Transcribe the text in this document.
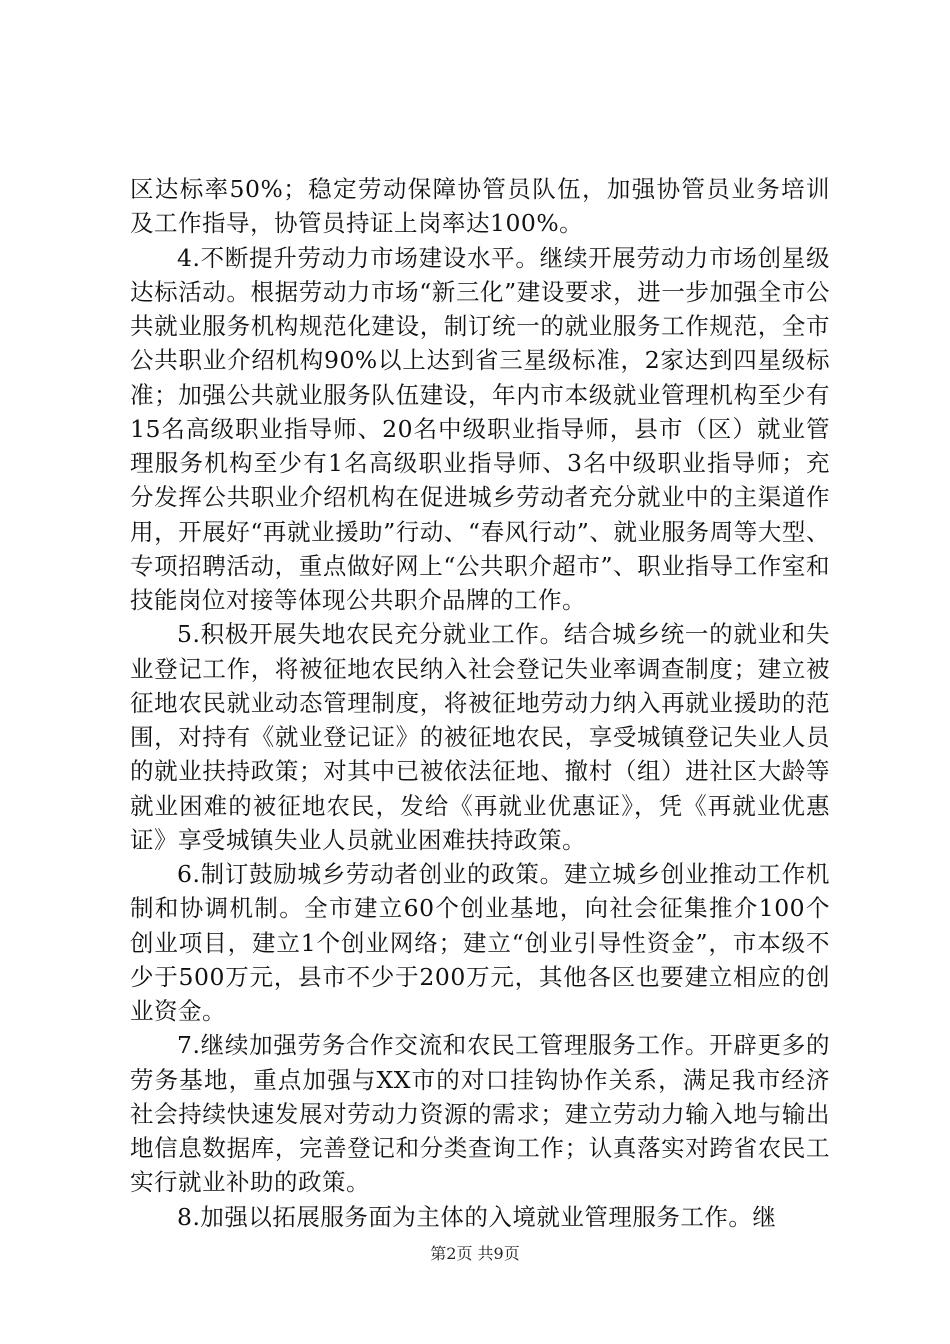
区达标率50%；稳定劳动保障协管员队伍，加强协管员业务培训及工作指导，协管员持证上岗率达100%。

4.不断提升劳动力市场建设水平。继续开展劳动力市场创星级达标活动。根据劳动力市场“新三化”建设要求，进一步加强全市公共就业服务机构规范化建设，制订统一的就业服务工作规范，全市公共职业介绍机构90%以上达到省三星级标准，2家达到四星级标准；加强公共就业服务队伍建设，年内市本级就业管理机构至少有15名高级职业指导师、20名中级职业指导师，县市（区）就业管理服务机构至少有1名高级职业指导师、3名中级职业指导师；充分发挥公共职业介绍机构在促进城乡劳动者充分就业中的主渠道作用，开展好“再就业援助”行动、“春风行动”、就业服务周等大型、专项招聘活动，重点做好网上“公共职介超市”、职业指导工作室和技能岗位对接等体现公共职介品牌的工作。

5.积极开展失地农民充分就业工作。结合城乡统一的就业和失业登记工作，将被征地农民纳入社会登记失业率调查制度；建立被征地农民就业动态管理制度，将被征地劳动力纳入再就业援助的范围，对持有《就业登记证》的被征地农民，享受城镇登记失业人员的就业扶持政策；对其中已被依法征地、撤村（组）进社区大龄等就业困难的被征地农民，发给《再就业优惠证》，凭《再就业优惠证》享受城镇失业人员就业困难扶持政策。

6.制订鼓励城乡劳动者创业的政策。建立城乡创业推动工作机制和协调机制。全市建立60个创业基地，向社会征集推介100个创业项目，建立1个创业网络；建立“创业引导性资金”，市本级不少于500万元，县市不少于200万元，其他各区也要建立相应的创业资金。

7.继续加强劳务合作交流和农民工管理服务工作。开辟更多的劳务基地，重点加强与XX市的对口挂钩协作关系，满足我市经济社会持续快速发展对劳动力资源的需求；建立劳动力输入地与输出地信息数据库，完善登记和分类查询工作；认真落实对跨省农民工实行就业补助的政策。

8.加强以拓展服务面为主体的入境就业管理服务工作。继

第2页 共9页
